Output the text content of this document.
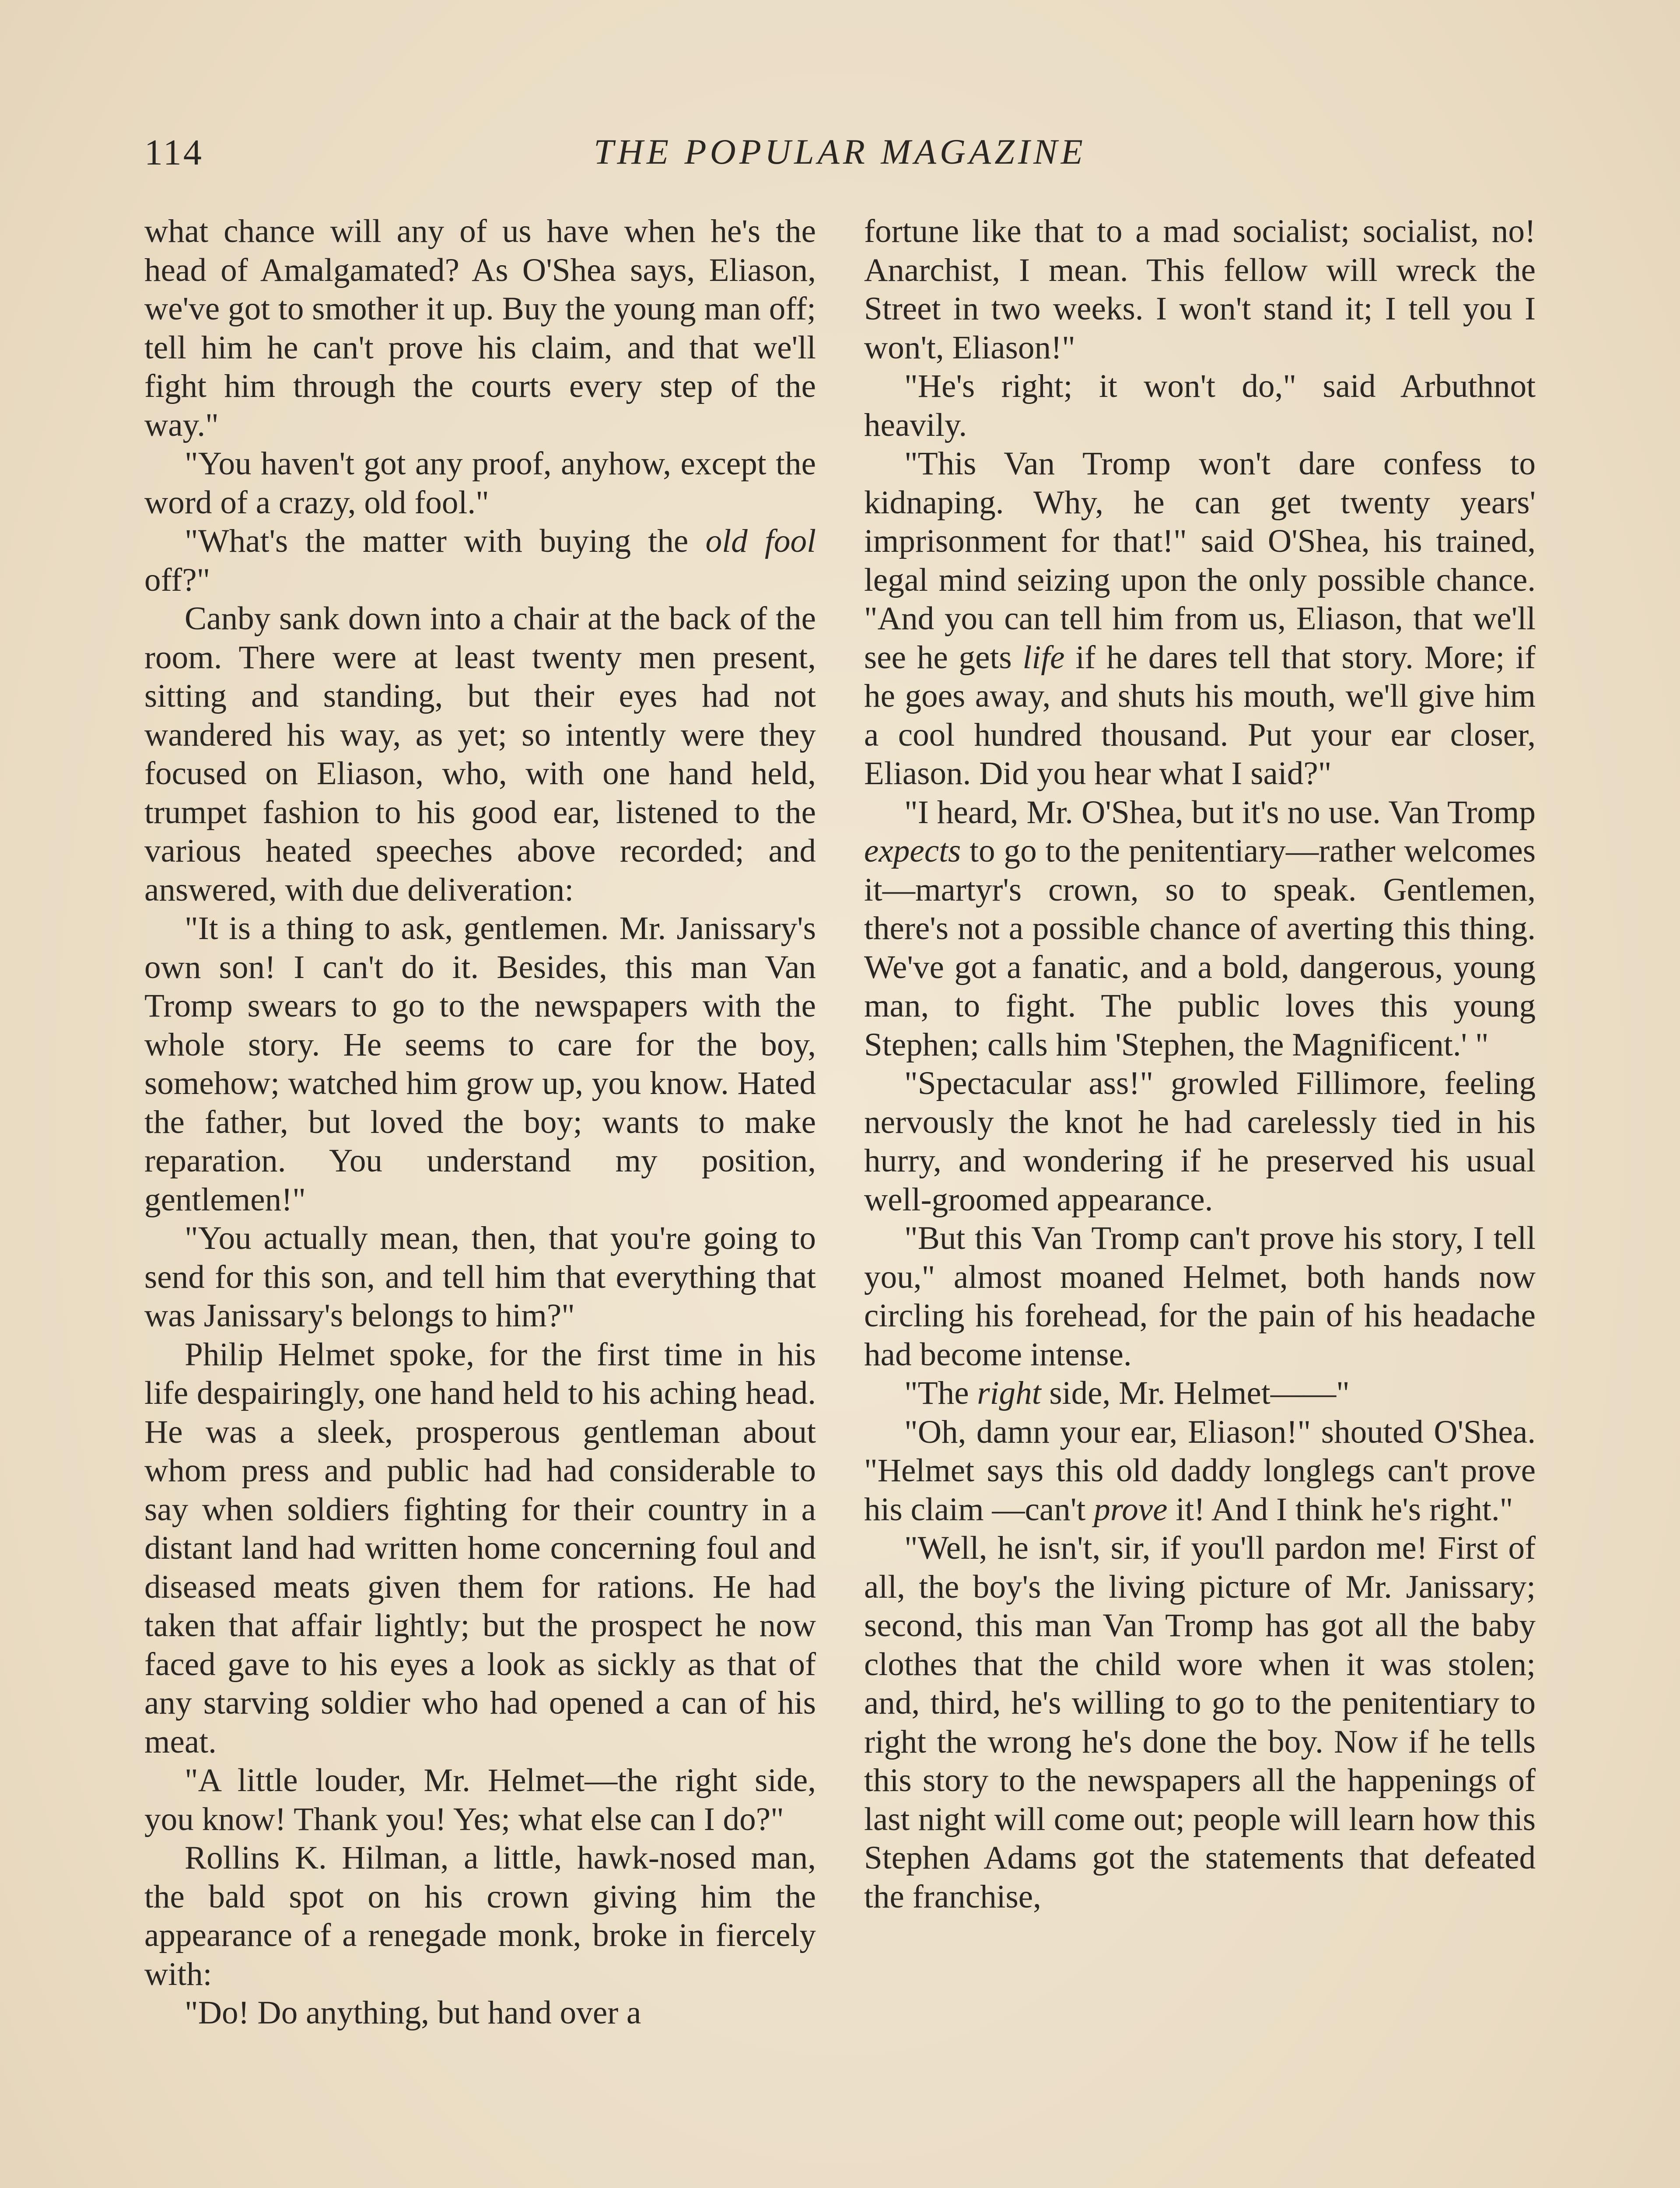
114	THE POPULAR MAGAZINE

what chance will any of us have when he's the head of Amalgamated? As O'Shea says, Eliason, we've got to smother it up. Buy the young man off; tell him he can't prove his claim, and that we'll fight him through the courts every step of the way."

"You haven't got any proof, anyhow, except the word of a crazy, old fool."

"What's the matter with buying the old fool off?"

Canby sank down into a chair at the back of the room. There were at least twenty men present, sitting and standing, but their eyes had not wandered his way, as yet; so intently were they focused on Eliason, who, with one hand held, trumpet fashion to his good ear, listened to the various heated speeches above recorded; and answered, with due deliveration:

"It is a thing to ask, gentlemen. Mr. Janissary's own son! I can't do it. Besides, this man Van Tromp swears to go to the newspapers with the whole story. He seems to care for the boy, somehow; watched him grow up, you know. Hated the father, but loved the boy; wants to make reparation. You understand my position, gentlemen!"

"You actually mean, then, that you're going to send for this son, and tell him that everything that was Janissary's belongs to him?"

Philip Helmet spoke, for the first time in his life despairingly, one hand held to his aching head. He was a sleek, prosperous gentleman about whom press and public had had considerable to say when soldiers fighting for their country in a distant land had written home concerning foul and diseased meats given them for rations. He had taken that affair lightly; but the prospect he now faced gave to his eyes a look as sickly as that of any starving soldier who had opened a can of his meat.

"A little louder, Mr. Helmet—the right side, you know! Thank you! Yes; what else can I do?"

Rollins K. Hilman, a little, hawk-nosed man, the bald spot on his crown giving him the appearance of a renegade monk, broke in fiercely with:

"Do! Do anything, but hand over a

fortune like that to a mad socialist; socialist, no! Anarchist, I mean. This fellow will wreck the Street in two weeks. I won't stand it; I tell you I won't, Eliason!"

"He's right; it won't do," said Arbuthnot heavily.

"This Van Tromp won't dare confess to kidnaping. Why, he can get twenty years' imprisonment for that!" said O'Shea, his trained, legal mind seizing upon the only possible chance. "And you can tell him from us, Eliason, that we'll see he gets life if he dares tell that story. More; if he goes away, and shuts his mouth, we'll give him a cool hundred thousand. Put your ear closer, Eliason. Did you hear what I said?"

"I heard, Mr. O'Shea, but it's no use. Van Tromp expects to go to the penitentiary—rather welcomes it—martyr's crown, so to speak. Gentlemen, there's not a possible chance of averting this thing. We've got a fanatic, and a bold, dangerous, young man, to fight. The public loves this young Stephen; calls him 'Stephen, the Magnificent.' "

"Spectacular ass!" growled Fillimore, feeling nervously the knot he had carelessly tied in his hurry, and wondering if he preserved his usual well-groomed appearance.

"But this Van Tromp can't prove his story, I tell you," almost moaned Helmet, both hands now circling his forehead, for the pain of his headache had become intense.

"The right side, Mr. Helmet——"

"Oh, damn your ear, Eliason!" shouted O'Shea. "Helmet says this old daddy longlegs can't prove his claim —can't prove it! And I think he's right."

"Well, he isn't, sir, if you'll pardon me! First of all, the boy's the living picture of Mr. Janissary; second, this man Van Tromp has got all the baby clothes that the child wore when it was stolen; and, third, he's willing to go to the penitentiary to right the wrong he's done the boy. Now if he tells this story to the newspapers all the happenings of last night will come out; people will learn how this Stephen Adams got the statements that defeated the franchise,
